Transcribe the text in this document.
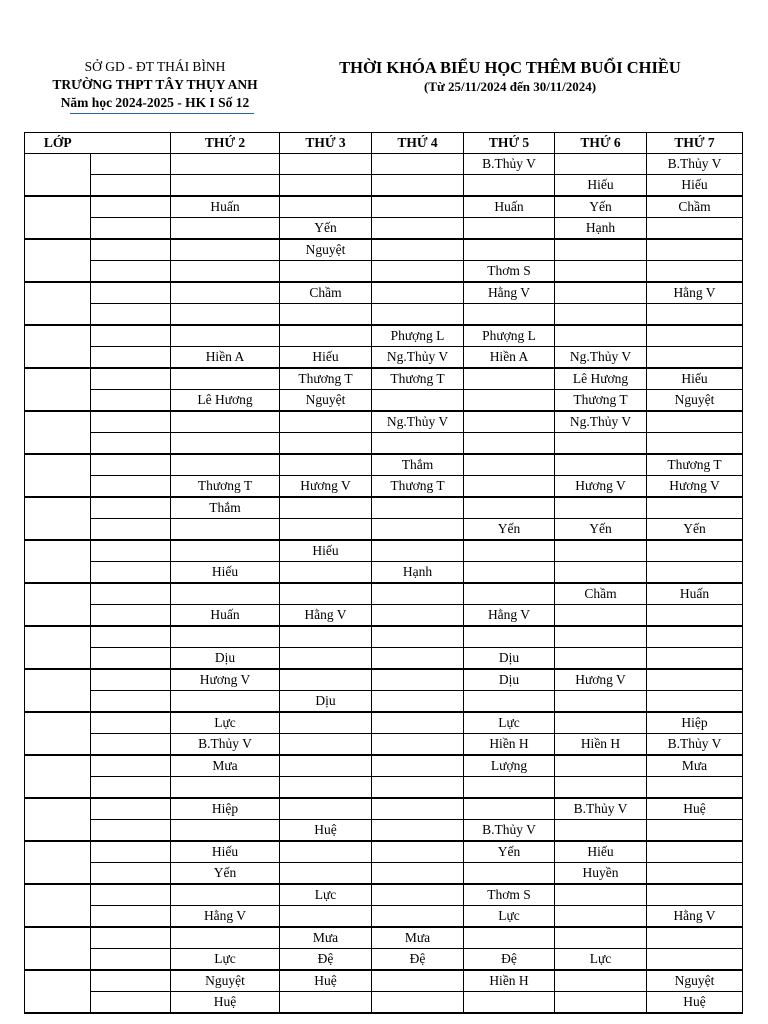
SỞ GD - ĐT THÁI BÌNH
TRƯỜNG THPT TÂY THỤY ANH
Năm học 2024-2025 - HK I Số 12
THỜI KHÓA BIỂU HỌC THÊM BUỔI CHIỀU
(Từ 25/11/2024 đến 30/11/2024)
LỚP		THỨ 2	THỨ 3	THỨ 4	THỨ 5	THỨ 6	THỨ 7
					B.Thủy V		B.Thủy V
						Hiếu	Hiếu
		Huấn			Huấn	Yến	Chầm
			Yến			Hạnh	
			Nguyệt				
					Thơm S		
			Chầm		Hằng V		Hằng V

				Phượng L	Phượng L		
		Hiền A	Hiếu	Ng.Thủy V	Hiền A	Ng.Thủy V	
			Thương T	Thương T		Lê Hương	Hiếu
		Lê Hương	Nguyệt			Thương T	Nguyệt
				Ng.Thủy V		Ng.Thủy V	

				Thắm			Thương T
		Thương T	Hương V	Thương T		Hương V	Hương V
		Thắm					
					Yến	Yến	Yến
			Hiếu				
		Hiếu		Hạnh			
						Chầm	Huấn
		Huấn	Hằng V		Hằng V		

		Dịu			Dịu		
		Hương V			Dịu	Hương V	
			Dịu				
		Lực			Lực		Hiệp
		B.Thủy V			Hiền H	Hiền H	B.Thủy V
		Mưa			Lượng		Mưa

		Hiệp				B.Thủy V	Huệ
			Huệ		B.Thủy V		
		Hiếu			Yến	Hiếu	
		Yến				Huyền	
			Lực		Thơm S		
		Hằng V			Lực		Hằng V
			Mưa	Mưa			
		Lực	Đệ	Đệ	Đệ	Lực	
		Nguyệt	Huệ		Hiền H		Nguyệt
		Huệ					Huệ
